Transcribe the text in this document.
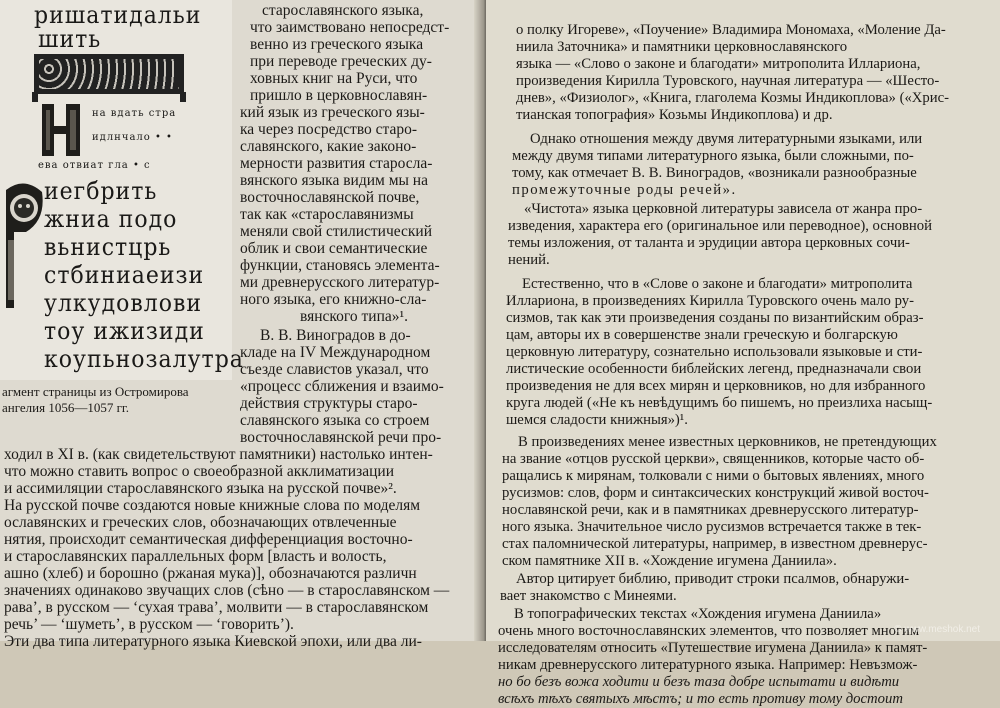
ришатидальи
шить
на вдать стра
идлнчало • •
ева отвиат гла • с
иегбрить
жниа подо
вьнистцрь
стбиниаеизи
улкудовлови
тоу ижизиди
коупьнозалутра
агмент страницы из Остромирова
ангелия 1056—1057 гг.
старославянского языка,
что заимствовано непосредст-
венно из греческого языка
при переводе греческих ду-
ховных книг на Руси, что
пришло в церковнославян-
кий язык из греческого язы-
ка через посредство старо-
славянского, какие законо-
мерности развития старосла-
вянского языка видим мы на
восточнославянской почве,
так как «старославянизмы
меняли свой стилистический
облик и свои семантические
функции, становясь элемента-
ми древнерусского литератур-
ного языка, его книжно-сла-
вянского типа»¹.
В. В. Виноградов в до-
кладе на IV Международном
съезде славистов указал, что
«процесс сближения и взаимо-
действия структуры старо-
славянского языка со строем
восточнославянской речи про-
ходил в XI в. (как свидетельствуют памятники) настолько интен-
что можно ставить вопрос о своеобразной акклиматизации
и ассимиляции старославянского языка на русской почве»².
На русской почве создаются новые книжные слова по моделям
ославянских и греческих слов, обозначающих отвлеченные
нятия, происходит семантическая дифференциация восточно-
и старославянских параллельных форм [власть и волость,
ашно (хлеб) и борошно (ржаная мука)], обозначаются различн
значениях одинаково звучащих слов (сѣно — в старославянском —
рава’, в русском — ‘сухая трава’, молвити — в старославянском
речь’ — ‘шуметь’, в русском — ‘говорить’).
Эти два типа литературного языка Киевской эпохи, или два ли-
о полку Игореве», «Поучение» Владимира Мономаха, «Моление Да-
ниила Заточника» и памятники церковнославянского
языка — «Слово о законе и благодати» митрополита Иллариона,
произведения Кирилла Туровского, научная литература — «Шесто-
днев», «Физиолог», «Книга, глаголема Козмы Индикоплова» («Хрис-
тианская топография» Козьмы Индикоплова) и др.
Однако отношения между двумя литературными языками, или
между двумя типами литературного языка, были сложными, по-
тому, как отмечает В. В. Виноградов, «возникали разнообразные
промежуточные роды речей».
«Чистота» языка церковной литературы зависела от жанра про-
изведения, характера его (оригинальное или переводное), основной
темы изложения, от таланта и эрудиции автора церковных сочи-
нений.
Естественно, что в «Слове о законе и благодати» митрополита
Иллариона, в произведениях Кирилла Туровского очень мало ру-
сизмов, так как эти произведения созданы по византийским образ-
цам, авторы их в совершенстве знали греческую и болгарскую
церковную литературу, сознательно использовали языковые и сти-
листические особенности библейских легенд, предназначали свои
произведения не для всех мирян и церковников, но для избранного
круга людей («Не къ невѣдущимъ бо пишемъ, но преизлиха насыщ-
шемся сладости книжныя»)¹.
В произведениях менее известных церковников, не претендующих
на звание «отцов русской церкви», священников, которые часто об-
ращались к мирянам, толковали с ними о бытовых явлениях, много
русизмов: слов, форм и синтаксических конструкций живой восточ-
нославянской речи, как и в памятниках древнерусского литератур-
ного языка. Значительное число русизмов встречается также в тек-
стах паломнической литературы, например, в известном древнерус-
ском памятнике XII в. «Хождение игумена Даниила».
Автор цитирует библию, приводит строки псалмов, обнаружи-
вает знакомство с Минеями.
В топографических текстах «Хождения игумена Даниила»
очень много восточнославянских элементов, что позволяет многим
исследователям относить «Путешествие игумена Даниила» к памят-
никам древнерусского литературного языка. Например: Невъзмож-
но бо безъ вожа ходити и безъ таза добре испытати и видѣти
всѣхъ тѣхъ святыхъ мѣстъ; и то есть противу тому достоит
© www.meshok.net
